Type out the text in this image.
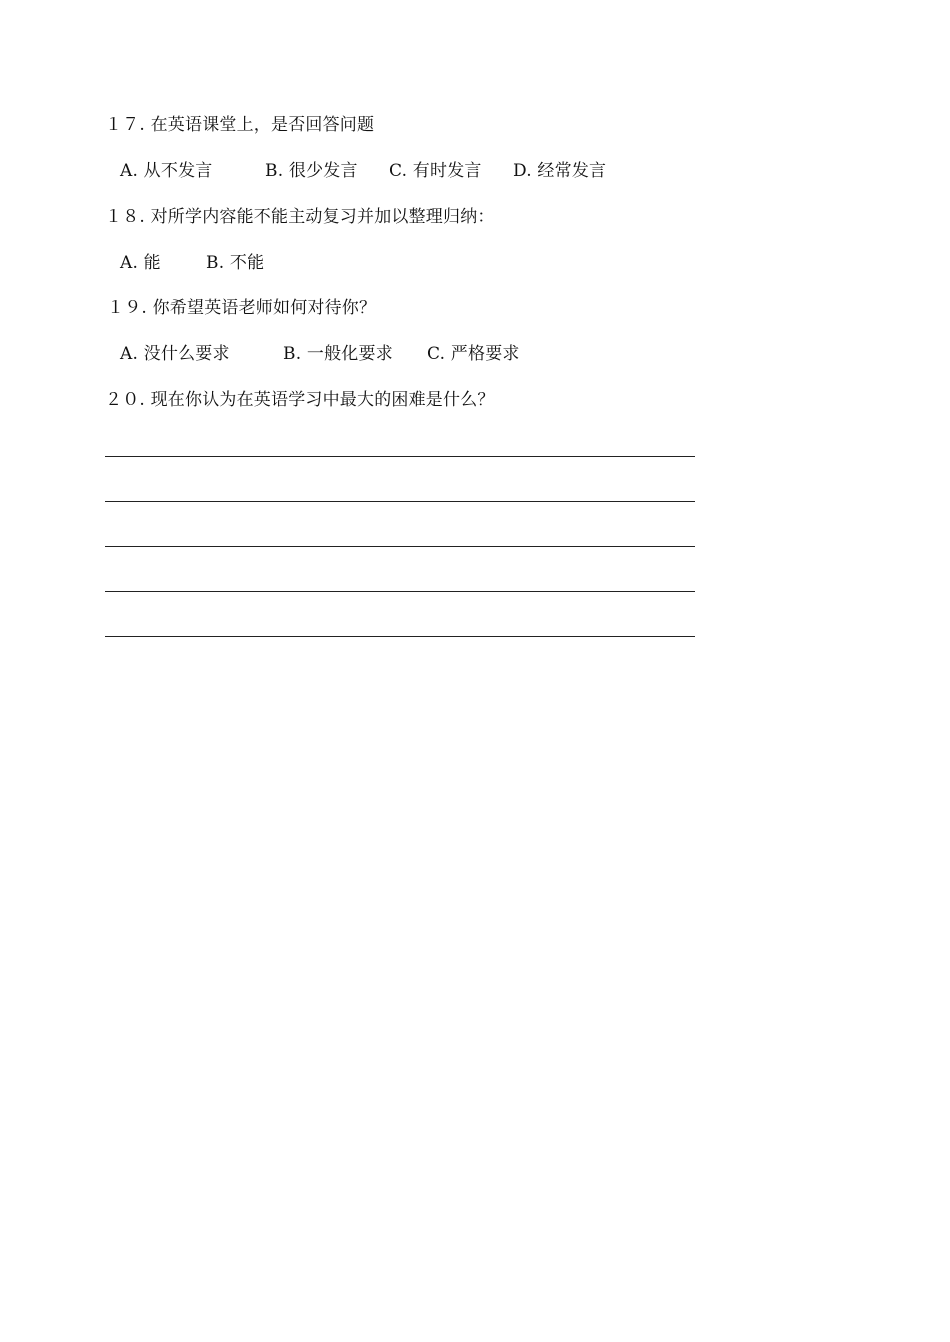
１７. 在英语课堂上，是否回答问题
A. 从不发言	B. 很少发言 C. 有时发言 D. 经常发言
１８. 对所学内容能不能主动复习并加以整理归纳：
A. 能	B. 不能
１９. 你希望英语老师如何对待你？
A. 没什么要求	B. 一般化要求 C. 严格要求
２０. 现在你认为在英语学习中最大的困难是什么？
